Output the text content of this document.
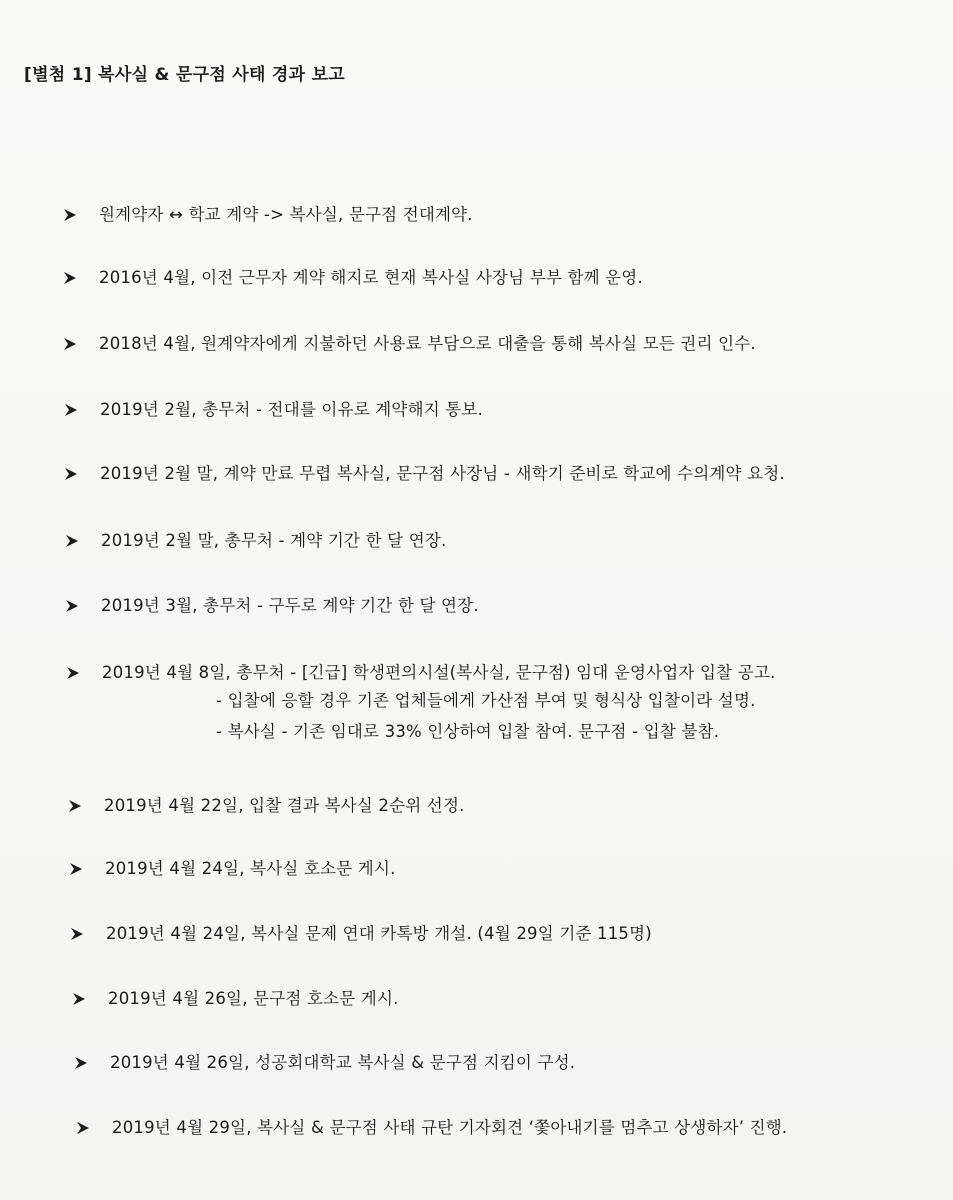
[별첨 1] 복사실 & 문구점 사태 경과 보고
원계약자 ↔ 학교 계약 -> 복사실, 문구점 전대계약.
2016년 4월, 이전 근무자 계약 해지로 현재 복사실 사장님 부부 함께 운영.
2018년 4월, 원계약자에게 지불하던 사용료 부담으로 대출을 통해 복사실 모든 권리 인수.
2019년 2월, 총무처 - 전대를 이유로 계약해지 통보.
2019년 2월 말, 계약 만료 무렵 복사실, 문구점 사장님 - 새학기 준비로 학교에 수의계약 요청.
2019년 2월 말, 총무처 - 계약 기간 한 달 연장.
2019년 3월, 총무처 - 구두로 계약 기간 한 달 연장.
2019년 4월 8일, 총무처 - [긴급] 학생편의시설(복사실, 문구점) 임대 운영사업자 입찰 공고.
- 입찰에 응할 경우 기존 업체들에게 가산점 부여 및 형식상 입찰이라 설명.
- 복사실 - 기존 임대로 33% 인상하여 입찰 참여. 문구점 - 입찰 불참.
2019년 4월 22일, 입찰 결과 복사실 2순위 선정.
2019년 4월 24일, 복사실 호소문 게시.
2019년 4월 24일, 복사실 문제 연대 카톡방 개설. (4월 29일 기준 115명)
2019년 4월 26일, 문구점 호소문 게시.
2019년 4월 26일, 성공회대학교 복사실 & 문구점 지킴이 구성.
2019년 4월 29일, 복사실 & 문구점 사태 규탄 기자회견 ‘쫓아내기를 멈추고 상생하자’ 진행.
